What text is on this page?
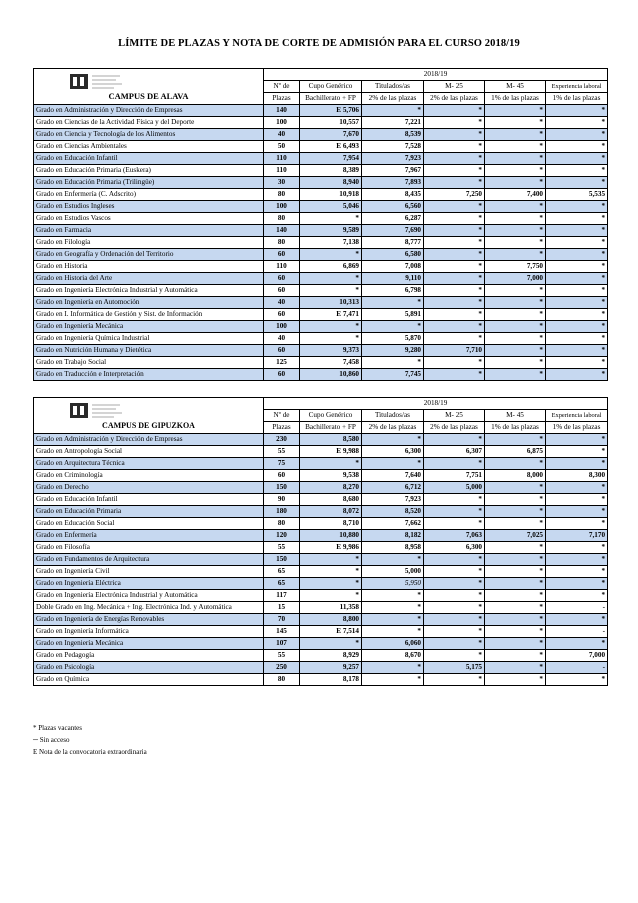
LÍMITE DE PLAZAS Y NOTA DE CORTE DE ADMISIÓN PARA EL CURSO 2018/19
CAMPUS DE ALAVA	2018/19					
	Nº de	Cupo Genérico	Titulados/as	M- 25	M- 45	Experiencia laboral
	Plazas	Bachillerato + FP	2% de las plazas	2% de las plazas	1% de las plazas	1% de las plazas
Grado en Administración y Dirección de Empresas	140	E 5,706	*	*	*	*
Grado en Ciencias de la Actividad Física y del Deporte	100	10,557	7,221	*	*	*
Grado en Ciencia y Tecnología de los Alimentos	40	7,670	8,539	*	*	*
Grado en Ciencias Ambientales	50	E 6,493	7,528	*	*	*
Grado en Educación Infantil	110	7,954	7,923	*	*	*
Grado en Educación Primaria (Euskera)	110	8,389	7,967	*	*	*
Grado en Educación Primaria (Trilingüe)	30	8,940	7,893	*	*	*
Grado en Enfermería (C. Adscrito)	80	10,918	8,435	7,250	7,400	5,535
Grado en Estudios Ingleses	100	5,046	6,560	*	*	*
Grado en Estudios Vascos	80	*	6,287	*	*	*
Grado en Farmacia	140	9,589	7,690	*	*	*
Grado en Filología	80	7,138	8,777	*	*	*
Grado en Geografía y Ordenación del Territorio	60	*	6,580	*	*	*
Grado en Historia	110	6,869	7,008	*	7,750	*
Grado en Historia del Arte	60	*	9,110	*	7,000	*
Grado en Ingeniería Electrónica Industrial y Automática	60	*	6,798	*	*	*
Grado en Ingeniería en Automoción	40	10,313	*	*	*	*
Grado en I. Informática de Gestión y Sist. de Información	60	E 7,471	5,891	*	*	*
Grado en Ingeniería Mecánica	100	*	*	*	*	*
Grado en Ingeniería Química Industrial	40	*	5,870	*	*	*
Grado en Nutrición Humana y Dietética	60	9,373	9,280	7,710	*	*
Grado en Trabajo Social	125	7,458	*	*	*	*
Grado en Traducción e Interpretación	60	10,860	7,745	*	*	*
CAMPUS DE GIPUZKOA	2018/19					
	Nº de	Cupo Genérico	Titulados/as	M- 25	M- 45	Experiencia laboral
	Plazas	Bachillerato + FP	2% de las plazas	2% de las plazas	1% de las plazas	1% de las plazas
Grado en Administración y Dirección de Empresas	230	8,580	*	*	*	*
Grado en Antropología Social	55	E 9,988	6,300	6,307	6,875	*
Grado en Arquitectura Técnica	75	*	*	*	*	*
Grado en Criminología	60	9,538	7,640	7,751	8,000	8,300
Grado en Derecho	150	8,270	6,712	5,000	*	*
Grado en Educación Infantil	90	8,680	7,923	*	*	*
Grado en Educación Primaria	180	8,072	8,520	*	*	*
Grado en Educación Social	80	8,710	7,662	*	*	*
Grado en Enfermería	120	10,880	8,182	7,063	7,025	7,170
Grado en Filosofía	55	E 9,986	8,958	6,300	*	*
Grado en Fundamentos de Arquitectura	150	*	*	*	*	*
Grado en Ingeniería Civil	65	*	5,000	*	*	*
Grado en Ingeniería Eléctrica	65	*	5,950	*	*	*
Grado en Ingeniería Electrónica Industrial y Automática	117	*	*	*	*	*
Doble Grado en Ing. Mecánica + Ing. Electrónica Ind. y Automática	15	11,358	*	*	*	-
Grado en Ingeniería de Energías Renovables	70	8,800	*	*	*	*
Grado en Ingeniería Informática	145	E 7,514	*	*	*	-
Grado en Ingeniería Mecánica	107	*	6,060	*	*	*
Grado en Pedagogía	55	8,929	8,670	*	*	7,000
Grado en Psicología	250	9,257	*	5,175	*	-
Grado en Química	80	8,178	*	*	*	*
* Plazas vacantes
─ Sin acceso
E Nota de la convocatoria extraordinaria
